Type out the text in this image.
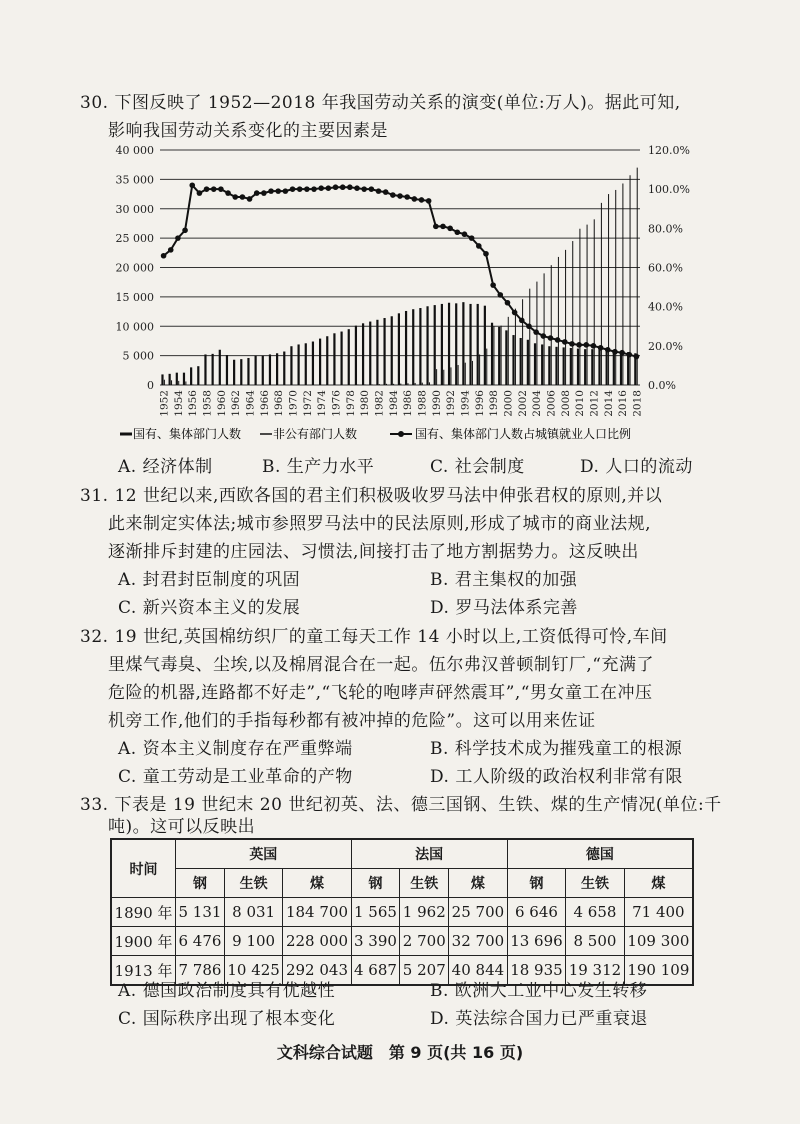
30. 下图反映了 1952—2018 年我国劳动关系的演变(单位:万人)。据此可知,
影响我国劳动关系变化的主要因素是
0
5 000
10 000
15 000
20 000
25 000
30 000
35 000
40 000
0.0%
20.0%
40.0%
60.0%
80.0%
100.0%
120.0%
1952 1954 1956 1958 1960 1962 1964 1966 1968 1970 1972 1974 1976 1978 1980 1982 1984 1986 1988 1990 1992 1994 1996 1998 2000 2002 2004 2006 2008 2010 2012 2014 2016 2018
国有、集体部门人数	非公有部门人数	国有、集体部门人数占城镇就业人口比例
A. 经济体制	B. 生产力水平	C. 社会制度	D. 人口的流动
31. 12 世纪以来,西欧各国的君主们积极吸收罗马法中伸张君权的原则,并以
此来制定实体法;城市参照罗马法中的民法原则,形成了城市的商业法规,
逐渐排斥封建的庄园法、习惯法,间接打击了地方割据势力。这反映出
A. 封君封臣制度的巩固	B. 君主集权的加强
C. 新兴资本主义的发展	D. 罗马法体系完善
32. 19 世纪,英国棉纺织厂的童工每天工作 14 小时以上,工资低得可怜,车间
里煤气毒臭、尘埃,以及棉屑混合在一起。伍尔弗汉普顿制钉厂,“充满了
危险的机器,连路都不好走”,“飞轮的咆哮声砰然震耳”,“男女童工在冲压
机旁工作,他们的手指每秒都有被冲掉的危险”。这可以用来佐证
A. 资本主义制度存在严重弊端	B. 科学技术成为摧残童工的根源
C. 童工劳动是工业革命的产物	D. 工人阶级的政治权利非常有限
33. 下表是 19 世纪末 20 世纪初英、法、德三国钢、生铁、煤的生产情况(单位:千
吨)。这可以反映出
时间	英国			法国			德国		
	钢	生铁	煤	钢	生铁	煤	钢	生铁	煤
1890 年	5 131	8 031	184 700	1 565	1 962	25 700	6 646	4 658	71 400
1900 年	6 476	9 100	228 000	3 390	2 700	32 700	13 696	8 500	109 300
1913 年	7 786	10 425	292 043	4 687	5 207	40 844	18 935	19 312	190 109
A. 德国政治制度具有优越性	B. 欧洲大工业中心发生转移
C. 国际秩序出现了根本变化	D. 英法综合国力已严重衰退
文科综合试题　第 9 页(共 16 页)
